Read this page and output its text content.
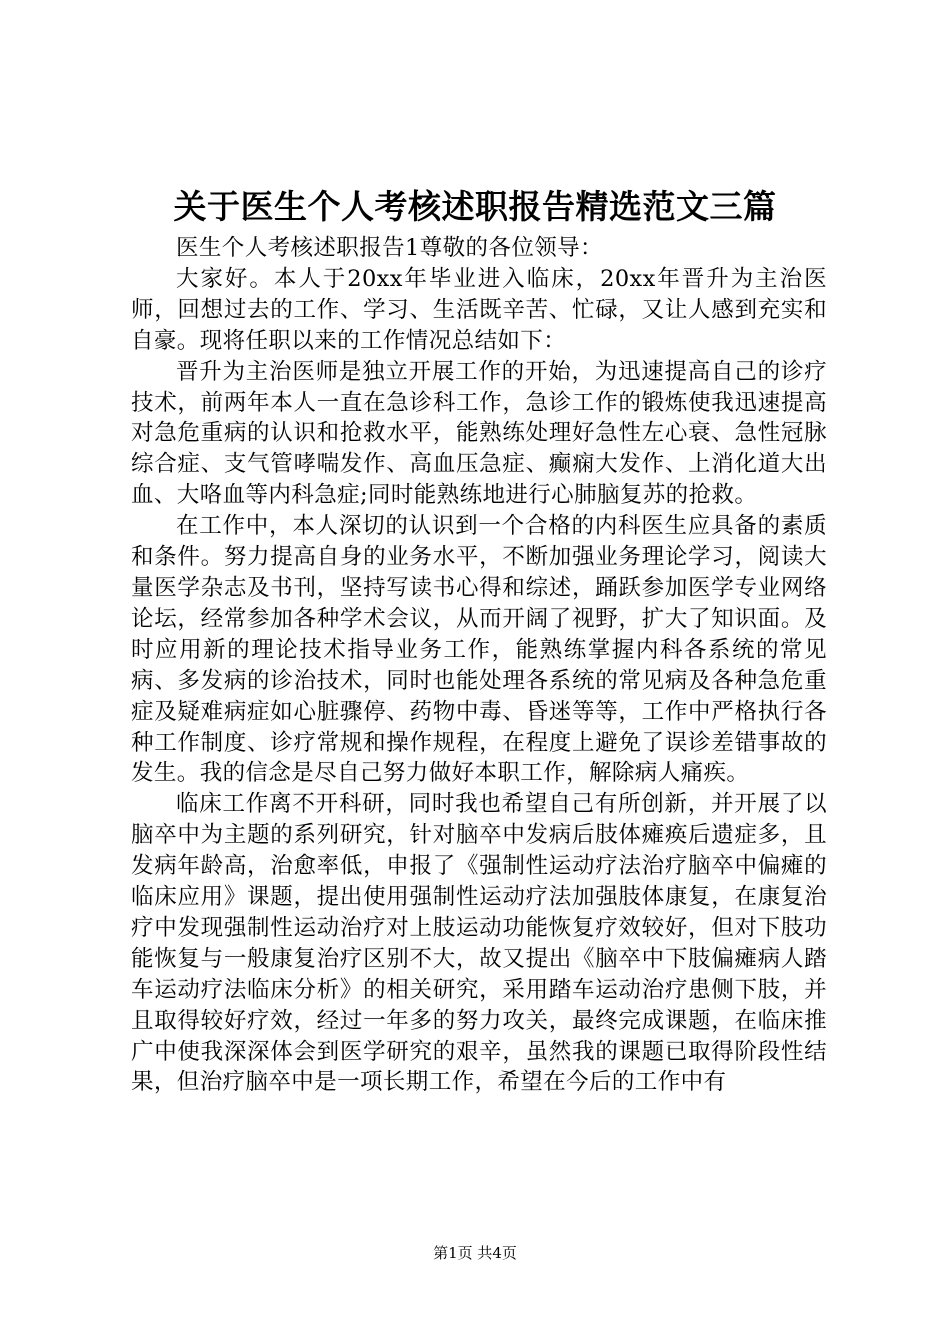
关于医生个人考核述职报告精选范文三篇

医生个人考核述职报告1尊敬的各位领导：

大家好。本人于20xx年毕业进入临床，20xx年晋升为主治医师，回想过去的工作、学习、生活既辛苦、忙碌，又让人感到充实和自豪。现将任职以来的工作情况总结如下：

晋升为主治医师是独立开展工作的开始，为迅速提高自己的诊疗技术，前两年本人一直在急诊科工作，急诊工作的锻炼使我迅速提高对急危重病的认识和抢救水平，能熟练处理好急性左心衰、急性冠脉综合症、支气管哮喘发作、高血压急症、癫痫大发作、上消化道大出血、大咯血等内科急症;同时能熟练地进行心肺脑复苏的抢救。

在工作中，本人深切的认识到一个合格的内科医生应具备的素质和条件。努力提高自身的业务水平，不断加强业务理论学习，阅读大量医学杂志及书刊，坚持写读书心得和综述，踊跃参加医学专业网络论坛，经常参加各种学术会议，从而开阔了视野，扩大了知识面。及时应用新的理论技术指导业务工作，能熟练掌握内科各系统的常见病、多发病的诊治技术，同时也能处理各系统的常见病及各种急危重症及疑难病症如心脏骤停、药物中毒、昏迷等等，工作中严格执行各种工作制度、诊疗常规和操作规程，在程度上避免了误诊差错事故的发生。我的信念是尽自己努力做好本职工作，解除病人痛疾。

临床工作离不开科研，同时我也希望自己有所创新，并开展了以脑卒中为主题的系列研究，针对脑卒中发病后肢体瘫痪后遗症多，且发病年龄高，治愈率低，申报了《强制性运动疗法治疗脑卒中偏瘫的临床应用》课题，提出使用强制性运动疗法加强肢体康复，在康复治疗中发现强制性运动治疗对上肢运动功能恢复疗效较好，但对下肢功能恢复与一般康复治疗区别不大，故又提出《脑卒中下肢偏瘫病人踏车运动疗法临床分析》的相关研究，采用踏车运动治疗患侧下肢，并且取得较好疗效，经过一年多的努力攻关，最终完成课题，在临床推广中使我深深体会到医学研究的艰辛，虽然我的课题已取得阶段性结果，但治疗脑卒中是一项长期工作，希望在今后的工作中有

第1页 共4页
